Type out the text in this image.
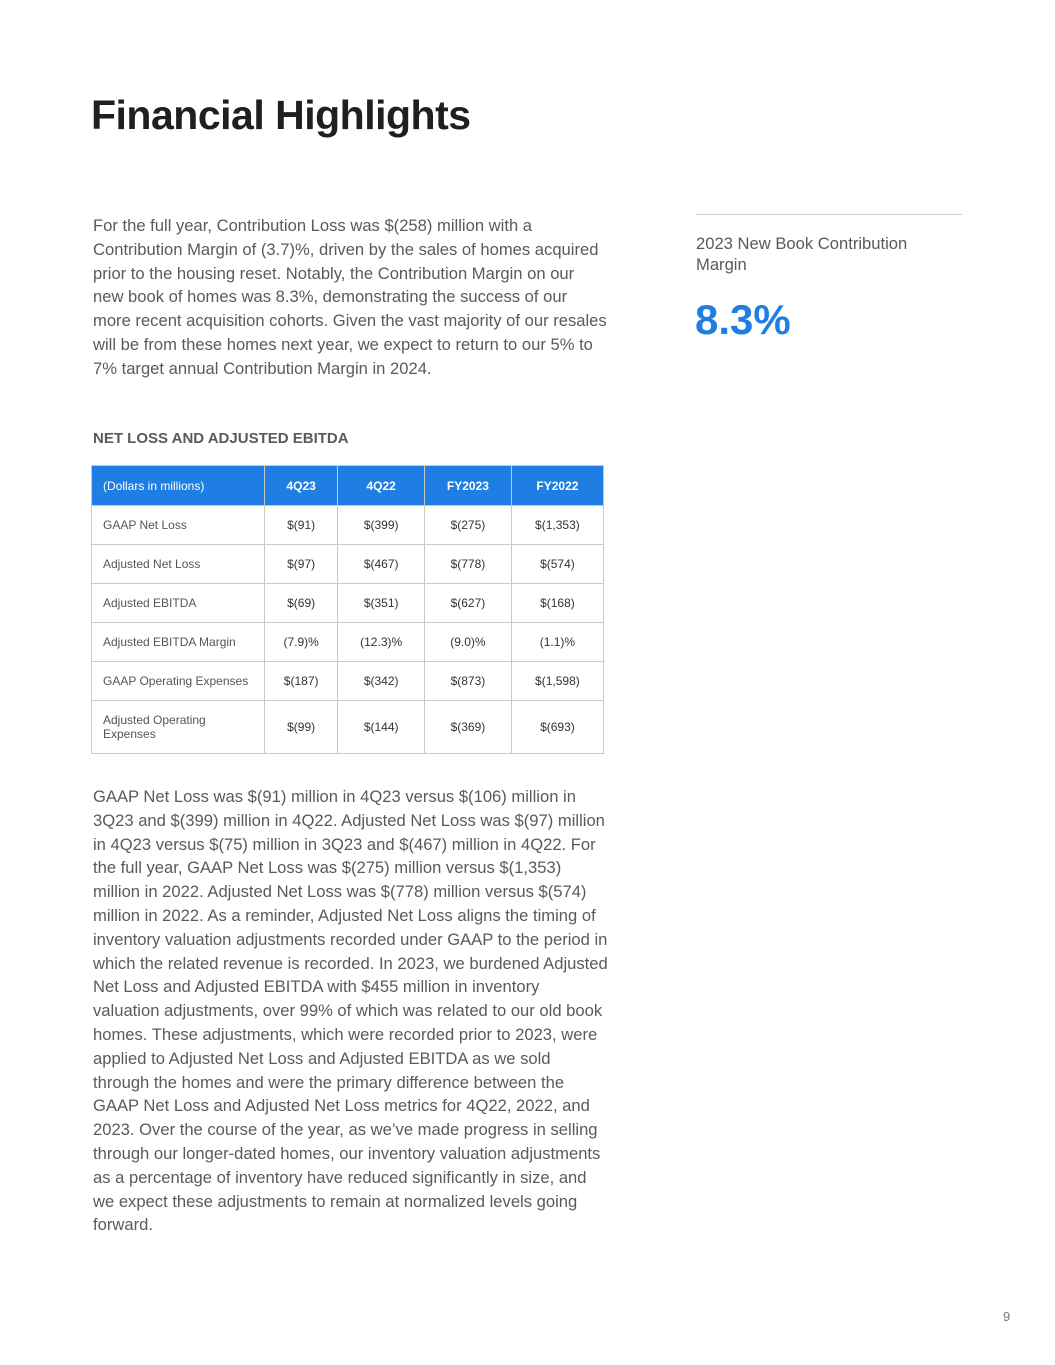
Financial Highlights

For the full year, Contribution Loss was $(258) million with a Contribution Margin of (3.7)%, driven by the sales of homes acquired prior to the housing reset. Notably, the Contribution Margin on our new book of homes was 8.3%, demonstrating the success of our more recent acquisition cohorts. Given the vast majority of our resales will be from these homes next year, we expect to return to our 5% to 7% target annual Contribution Margin in 2024.

2023 New Book Contribution Margin

8.3%

NET LOSS AND ADJUSTED EBITDA
(Dollars in millions)	4Q23	4Q22	FY2023	FY2022
GAAP Net Loss	$(91)	$(399)	$(275)	$(1,353)
Adjusted Net Loss	$(97)	$(467)	$(778)	$(574)
Adjusted EBITDA	$(69)	$(351)	$(627)	$(168)
Adjusted EBITDA Margin	(7.9)%	(12.3)%	(9.0)%	(1.1)%
GAAP Operating Expenses	$(187)	$(342)	$(873)	$(1,598)
Adjusted Operating Expenses	$(99)	$(144)	$(369)	$(693)

GAAP Net Loss was $(91) million in 4Q23 versus $(106) million in 3Q23 and $(399) million in 4Q22. Adjusted Net Loss was $(97) million in 4Q23 versus $(75) million in 3Q23 and $(467) million in 4Q22. For the full year, GAAP Net Loss was $(275) million versus $(1,353) million in 2022. Adjusted Net Loss was $(778) million versus $(574) million in 2022. As a reminder, Adjusted Net Loss aligns the timing of inventory valuation adjustments recorded under GAAP to the period in which the related revenue is recorded. In 2023, we burdened Adjusted Net Loss and Adjusted EBITDA with $455 million in inventory valuation adjustments, over 99% of which was related to our old book homes. These adjustments, which were recorded prior to 2023, were applied to Adjusted Net Loss and Adjusted EBITDA as we sold through the homes and were the primary difference between the GAAP Net Loss and Adjusted Net Loss metrics for 4Q22, 2022, and 2023. Over the course of the year, as we’ve made progress in selling through our longer-dated homes, our inventory valuation adjustments as a percentage of inventory have reduced significantly in size, and we expect these adjustments to remain at normalized levels going forward.

9
